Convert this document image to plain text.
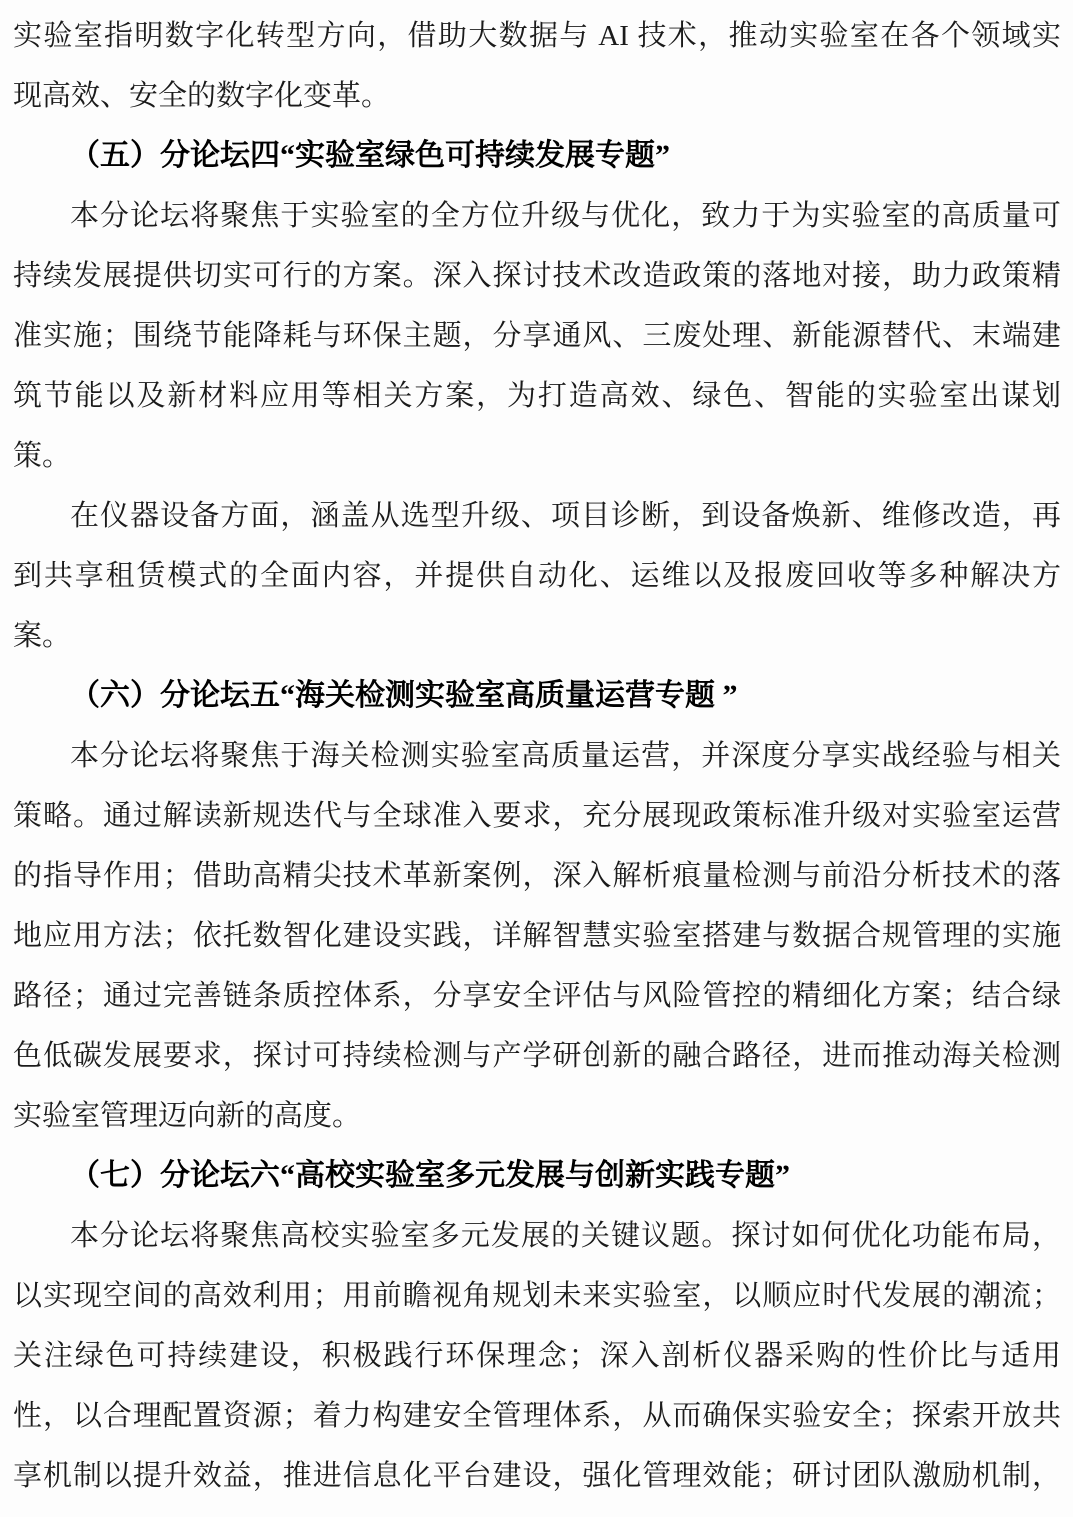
实验室指明数字化转型方向，借助大数据与 AI 技术，推动实验室在各个领域实

现高效、安全的数字化变革。

（五）分论坛四“实验室绿色可持续发展专题”

本分论坛将聚焦于实验室的全方位升级与优化，致力于为实验室的高质量可

持续发展提供切实可行的方案。深入探讨技术改造政策的落地对接，助力政策精

准实施；围绕节能降耗与环保主题，分享通风、三废处理、新能源替代、末端建

筑节能以及新材料应用等相关方案，为打造高效、绿色、智能的实验室出谋划

策。

在仪器设备方面，涵盖从选型升级、项目诊断，到设备焕新、维修改造，再

到共享租赁模式的全面内容，并提供自动化、运维以及报废回收等多种解决方

案。

（六）分论坛五“海关检测实验室高质量运营专题 ”

本分论坛将聚焦于海关检测实验室高质量运营，并深度分享实战经验与相关

策略。通过解读新规迭代与全球准入要求，充分展现政策标准升级对实验室运营

的指导作用；借助高精尖技术革新案例，深入解析痕量检测与前沿分析技术的落

地应用方法；依托数智化建设实践，详解智慧实验室搭建与数据合规管理的实施

路径；通过完善链条质控体系，分享安全评估与风险管控的精细化方案；结合绿

色低碳发展要求，探讨可持续检测与产学研创新的融合路径，进而推动海关检测

实验室管理迈向新的高度。

（七）分论坛六“高校实验室多元发展与创新实践专题”

本分论坛将聚焦高校实验室多元发展的关键议题。探讨如何优化功能布局，

以实现空间的高效利用；用前瞻视角规划未来实验室，以顺应时代发展的潮流；

关注绿色可持续建设，积极践行环保理念；深入剖析仪器采购的性价比与适用

性，以合理配置资源；着力构建安全管理体系，从而确保实验安全；探索开放共

享机制以提升效益，推进信息化平台建设，强化管理效能；研讨团队激励机制，
